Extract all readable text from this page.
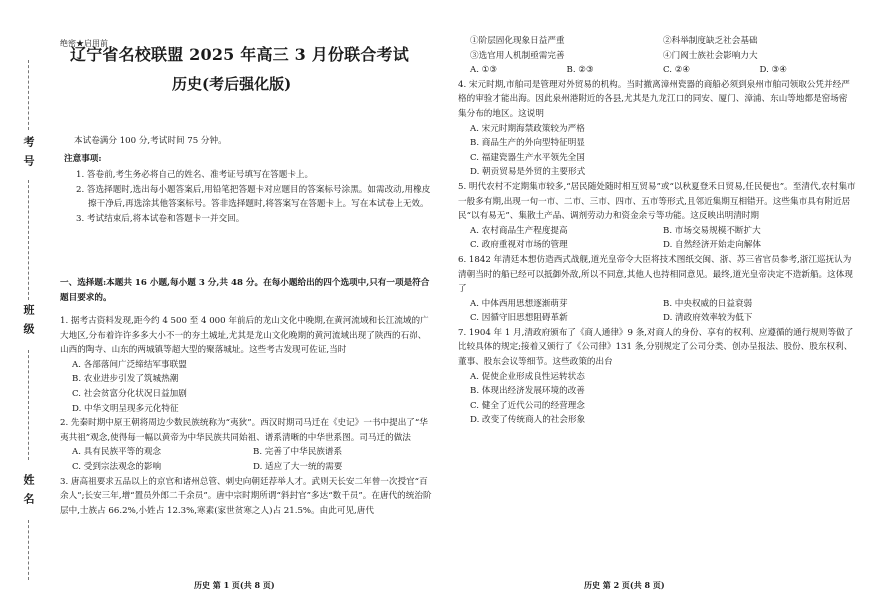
考 号
班 级
姓 名
绝密★启用前
辽宁省名校联盟 2025 年高三 3 月份联合考试
历史(考后强化版)
本试卷满分 100 分,考试时间 75 分钟。
注意事项:
1. 答卷前,考生务必将自己的姓名、准考证号填写在答题卡上。
2. 答选择题时,选出每小题答案后,用铅笔把答题卡对应题目的答案标号涂黑。如需改动,用橡皮擦干净后,再选涂其他答案标号。答非选择题时,将答案写在答题卡上。写在本试卷上无效。
3. 考试结束后,将本试卷和答题卡一并交回。
一、选择题:本题共 16 小题,每小题 3 分,共 48 分。在每小题给出的四个选项中,只有一项是符合题目要求的。
1. 据考古资料发现,距今约 4 500 至 4 000 年前后的龙山文化中晚期,在黄河流域和长江流域的广大地区,分布着许许多多大小不一的夯土城址,尤其是龙山文化晚期的黄河流域出现了陕西的石峁、山西的陶寺、山东的两城镇等超大型的聚落城址。这些考古发现可佐证,当时
A. 各部落间广泛缔结军事联盟
B. 农业进步引发了筑城热潮
C. 社会贫富分化状况日益加剧
D. 中华文明呈现多元化特征
2. 先秦时期中原王朝将周边少数民族统称为“夷狄”。西汉时期司马迁在《史记》一书中提出了“华夷共祖”观念,使得每一幅以黄帝为中华民族共同始祖、谱系清晰的中华世系图。司马迁的做法
A. 具有民族平等的观念	B. 完善了中华民族谱系
C. 受到宗法观念的影响	D. 适应了大一统的需要
3. 唐高祖要求五品以上的京官和诸州总管、刺史向朝廷荐举人才。武则天长安二年曾一次授官“百余人”;长安三年,增“置员外郎二千余员”。唐中宗时期所谓“斜封官”多达“数千员”。在唐代的统治阶层中,士族占 66.2%,小姓占 12.3%,寒素(家世贫寒之人)占 21.5%。由此可见,唐代
历史 第 1 页(共 8 页)
①阶层固化现象日益严重	②科举制度缺乏社会基础
③选官用人机制亟需完善	④门阀士族社会影响力大
A. ①③	B. ②③	C. ②④	D. ③④
4. 宋元时期,市舶司是管理对外贸易的机构。当时撤离漳州瓷器的商船必须到泉州市舶司领取公凭并经严格的审验才能出海。因此泉州港附近的各县,尤其是九龙江口的同安、厦门、漳浦、东山等地都是窑场密集分布的地区。这说明
A. 宋元时期海禁政策较为严格
B. 商品生产的外向型特征明显
C. 福建瓷器生产水平领先全国
D. 朝贡贸易是外贸的主要形式
5. 明代农村不定期集市较多,“居民随处随时相互贸易”或“以秋夏登禾日贸易,任民便也”。至清代,农村集市一般多有期,出现一旬一市、二市、三市、四市、五市等形式,且邻近集期互相错开。这些集市具有附近居民“以有易无”、集散土产品、调剂劳动力和资金余亏等功能。这反映出明清时期
A. 农村商品生产程度提高	B. 市场交易规模不断扩大
C. 政府重视对市场的管理	D. 自然经济开始走向解体
6. 1842 年清廷本想仿造西式战舰,道光皇帝令大臣将技术图纸交闽、浙、苏三省官员参考,浙江巡抚认为清朝当时的船已经可以抵御外敌,所以不同意,其他人也持相同意见。最终,道光皇帝决定不造新船。这体现了
A. 中体西用思想逐渐萌芽	B. 中央权威的日益衰弱
C. 因循守旧思想阻碍革新	D. 清政府效率较为低下
7. 1904 年 1 月,清政府颁布了《商人通律》9 条,对商人的身份、享有的权利、应遵循的通行规则等做了比较具体的规定;接着又颁行了《公司律》131 条,分别规定了公司分类、创办呈报法、股份、股东权利、董事、股东会议等细节。这些政策的出台
A. 促使企业形成良性运转状态
B. 体现出经济发展环境的改善
C. 健全了近代公司的经营理念
D. 改变了传统商人的社会形象
历史 第 2 页(共 8 页)
